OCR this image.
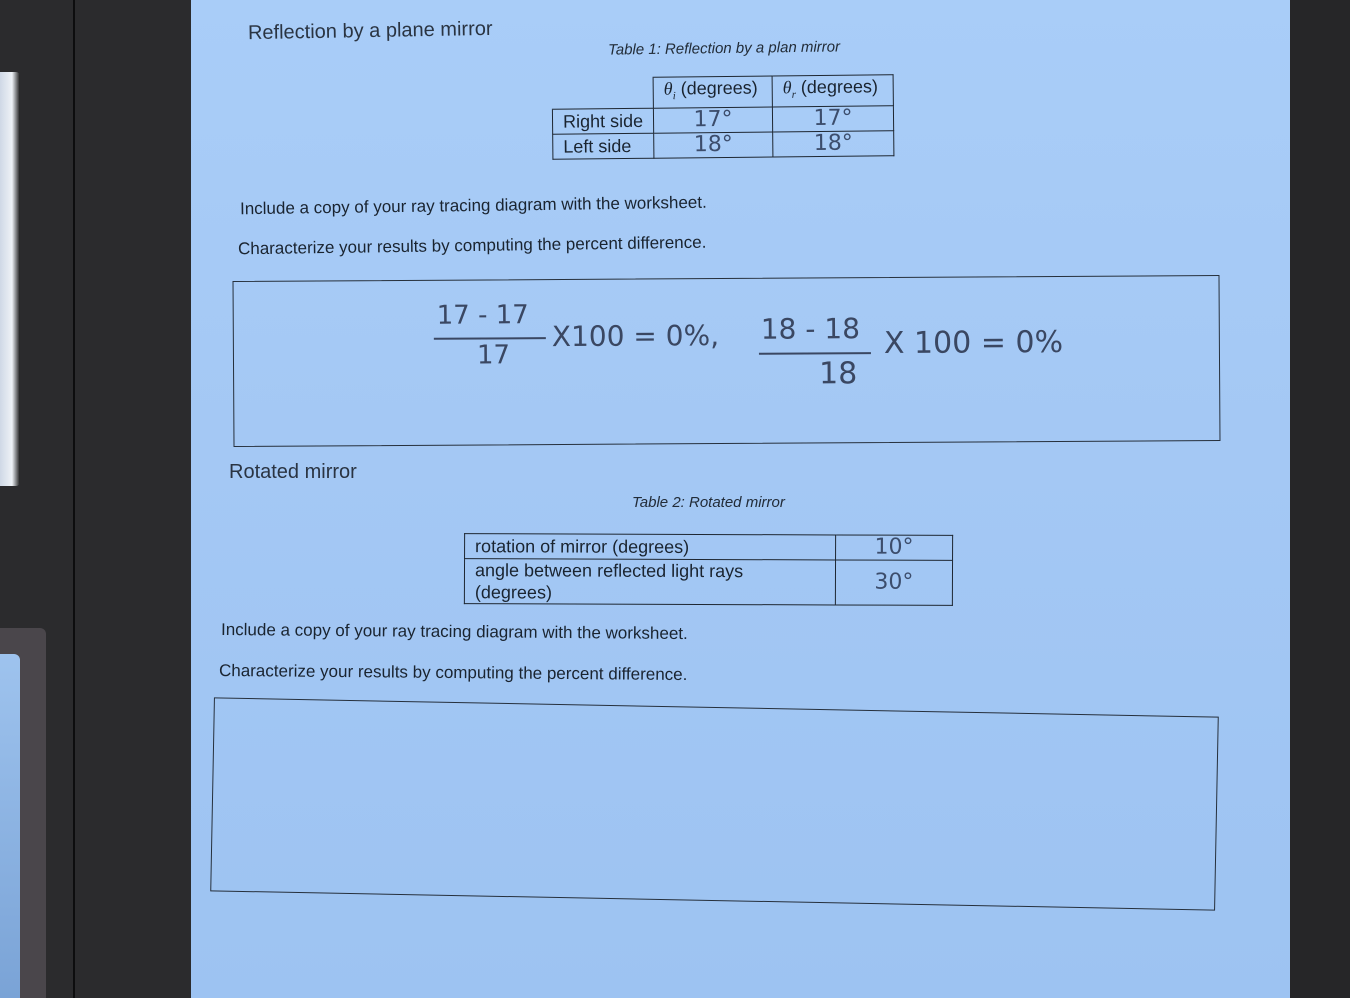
Reflection by a plane mirror
Table 1: Reflection by a plan mirror
	$\theta_i$ (degrees)	$\theta_r$ (degrees)
Right side	17°	17°
Left side	18°	18°
Include a copy of your ray tracing diagram with the worksheet.
Characterize your results by computing the percent difference.
17 - 17
17
X100 = 0%, 18 - 18
18
X 100 = 0%
Rotated mirror
Table 2: Rotated mirror
rotation of mirror (degrees)	10°
angle between reflected light rays (degrees)	30°
Include a copy of your ray tracing diagram with the worksheet.
Characterize your results by computing the percent difference.
